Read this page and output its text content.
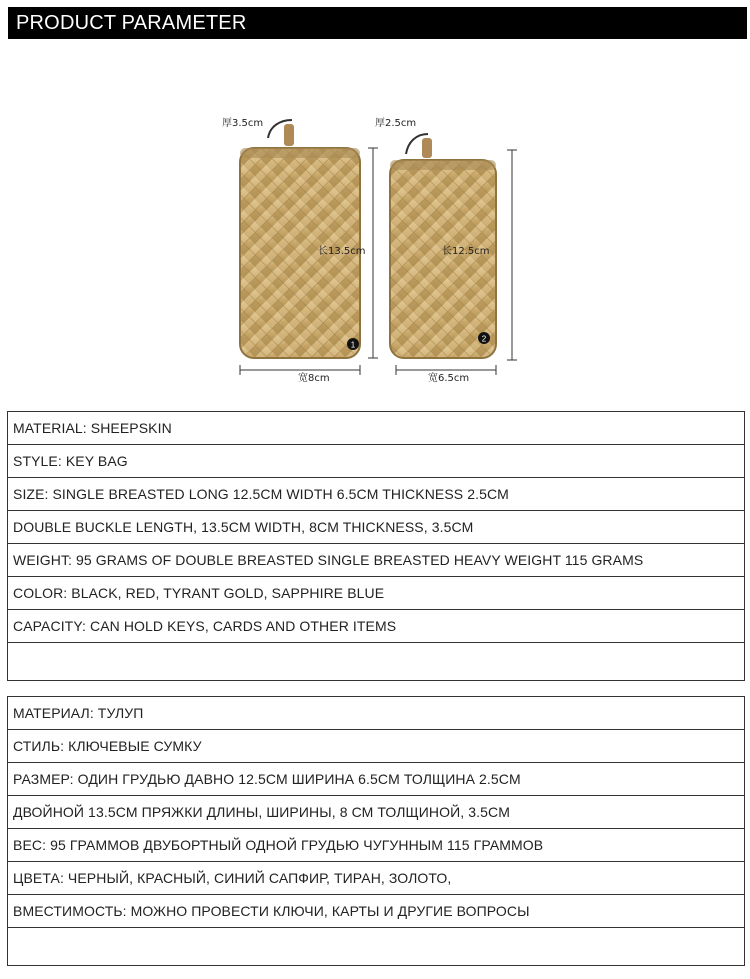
PRODUCT PARAMETER
1
厚3.5cm
长13.5cm
宽8cm
2
厚2.5cm
长12.5cm
宽6.5cm
MATERIAL: SHEEPSKIN
STYLE: KEY BAG
SIZE: SINGLE BREASTED LONG 12.5CM WIDTH 6.5CM THICKNESS 2.5CM
DOUBLE BUCKLE LENGTH, 13.5CM WIDTH, 8CM THICKNESS, 3.5CM
WEIGHT: 95 GRAMS OF DOUBLE BREASTED SINGLE BREASTED HEAVY WEIGHT 115 GRAMS
COLOR: BLACK, RED, TYRANT GOLD, SAPPHIRE BLUE
CAPACITY: CAN HOLD KEYS, CARDS AND OTHER ITEMS

МАТЕРИАЛ: ТУЛУП
СТИЛЬ: КЛЮЧЕВЫЕ СУМКУ
РАЗМЕР: ОДИН ГРУДЬЮ ДАВНО 12.5CM ШИРИНА 6.5CM ТОЛЩИНА 2.5CM
ДВОЙНОЙ 13.5CM ПРЯЖКИ ДЛИНЫ, ШИРИНЫ, 8 СМ ТОЛЩИНОЙ, 3.5CM
ВЕС: 95 ГРАММОВ ДВУБОРТНЫЙ ОДНОЙ ГРУДЬЮ ЧУГУННЫМ 115 ГРАММОВ
ЦВЕТА: ЧЕРНЫЙ, КРАСНЫЙ, СИНИЙ САПФИР, ТИРАН, ЗОЛОТО,
ВМЕСТИМОСТЬ: МОЖНО ПРОВЕСТИ КЛЮЧИ, КАРТЫ И ДРУГИЕ ВОПРОСЫ
